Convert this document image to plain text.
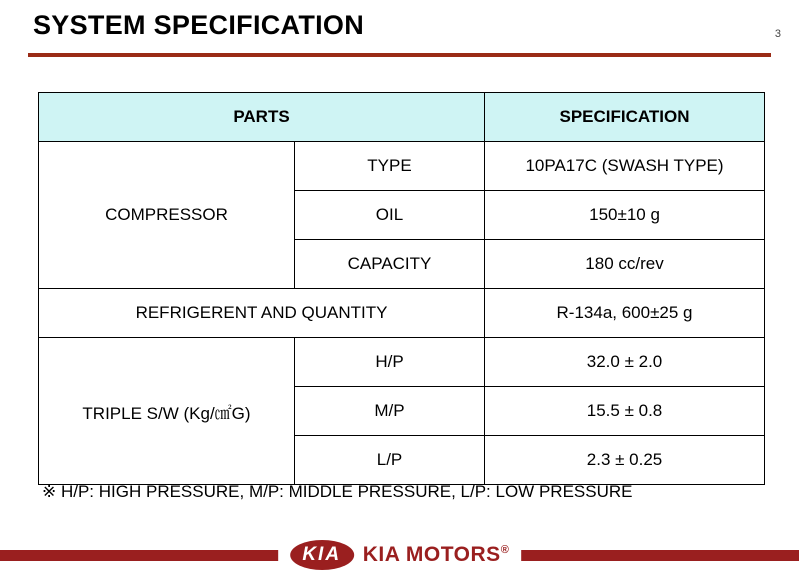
SYSTEM SPECIFICATION	3
PARTS		SPECIFICATION
COMPRESSOR	TYPE	10PA17C (SWASH TYPE)
	OIL	150±10 g
	CAPACITY	180 cc/rev
REFRIGERENT AND QUANTITY		R-134a, 600±25 g
TRIPLE S/W (Kg/㎠G)	H/P	32.0 ± 2.0
	M/P	15.5 ± 0.8
	L/P	2.3 ± 0.25
※ H/P: HIGH PRESSURE, M/P: MIDDLE PRESSURE, L/P: LOW PRESSURE
KIA	KIA MOTORS®
